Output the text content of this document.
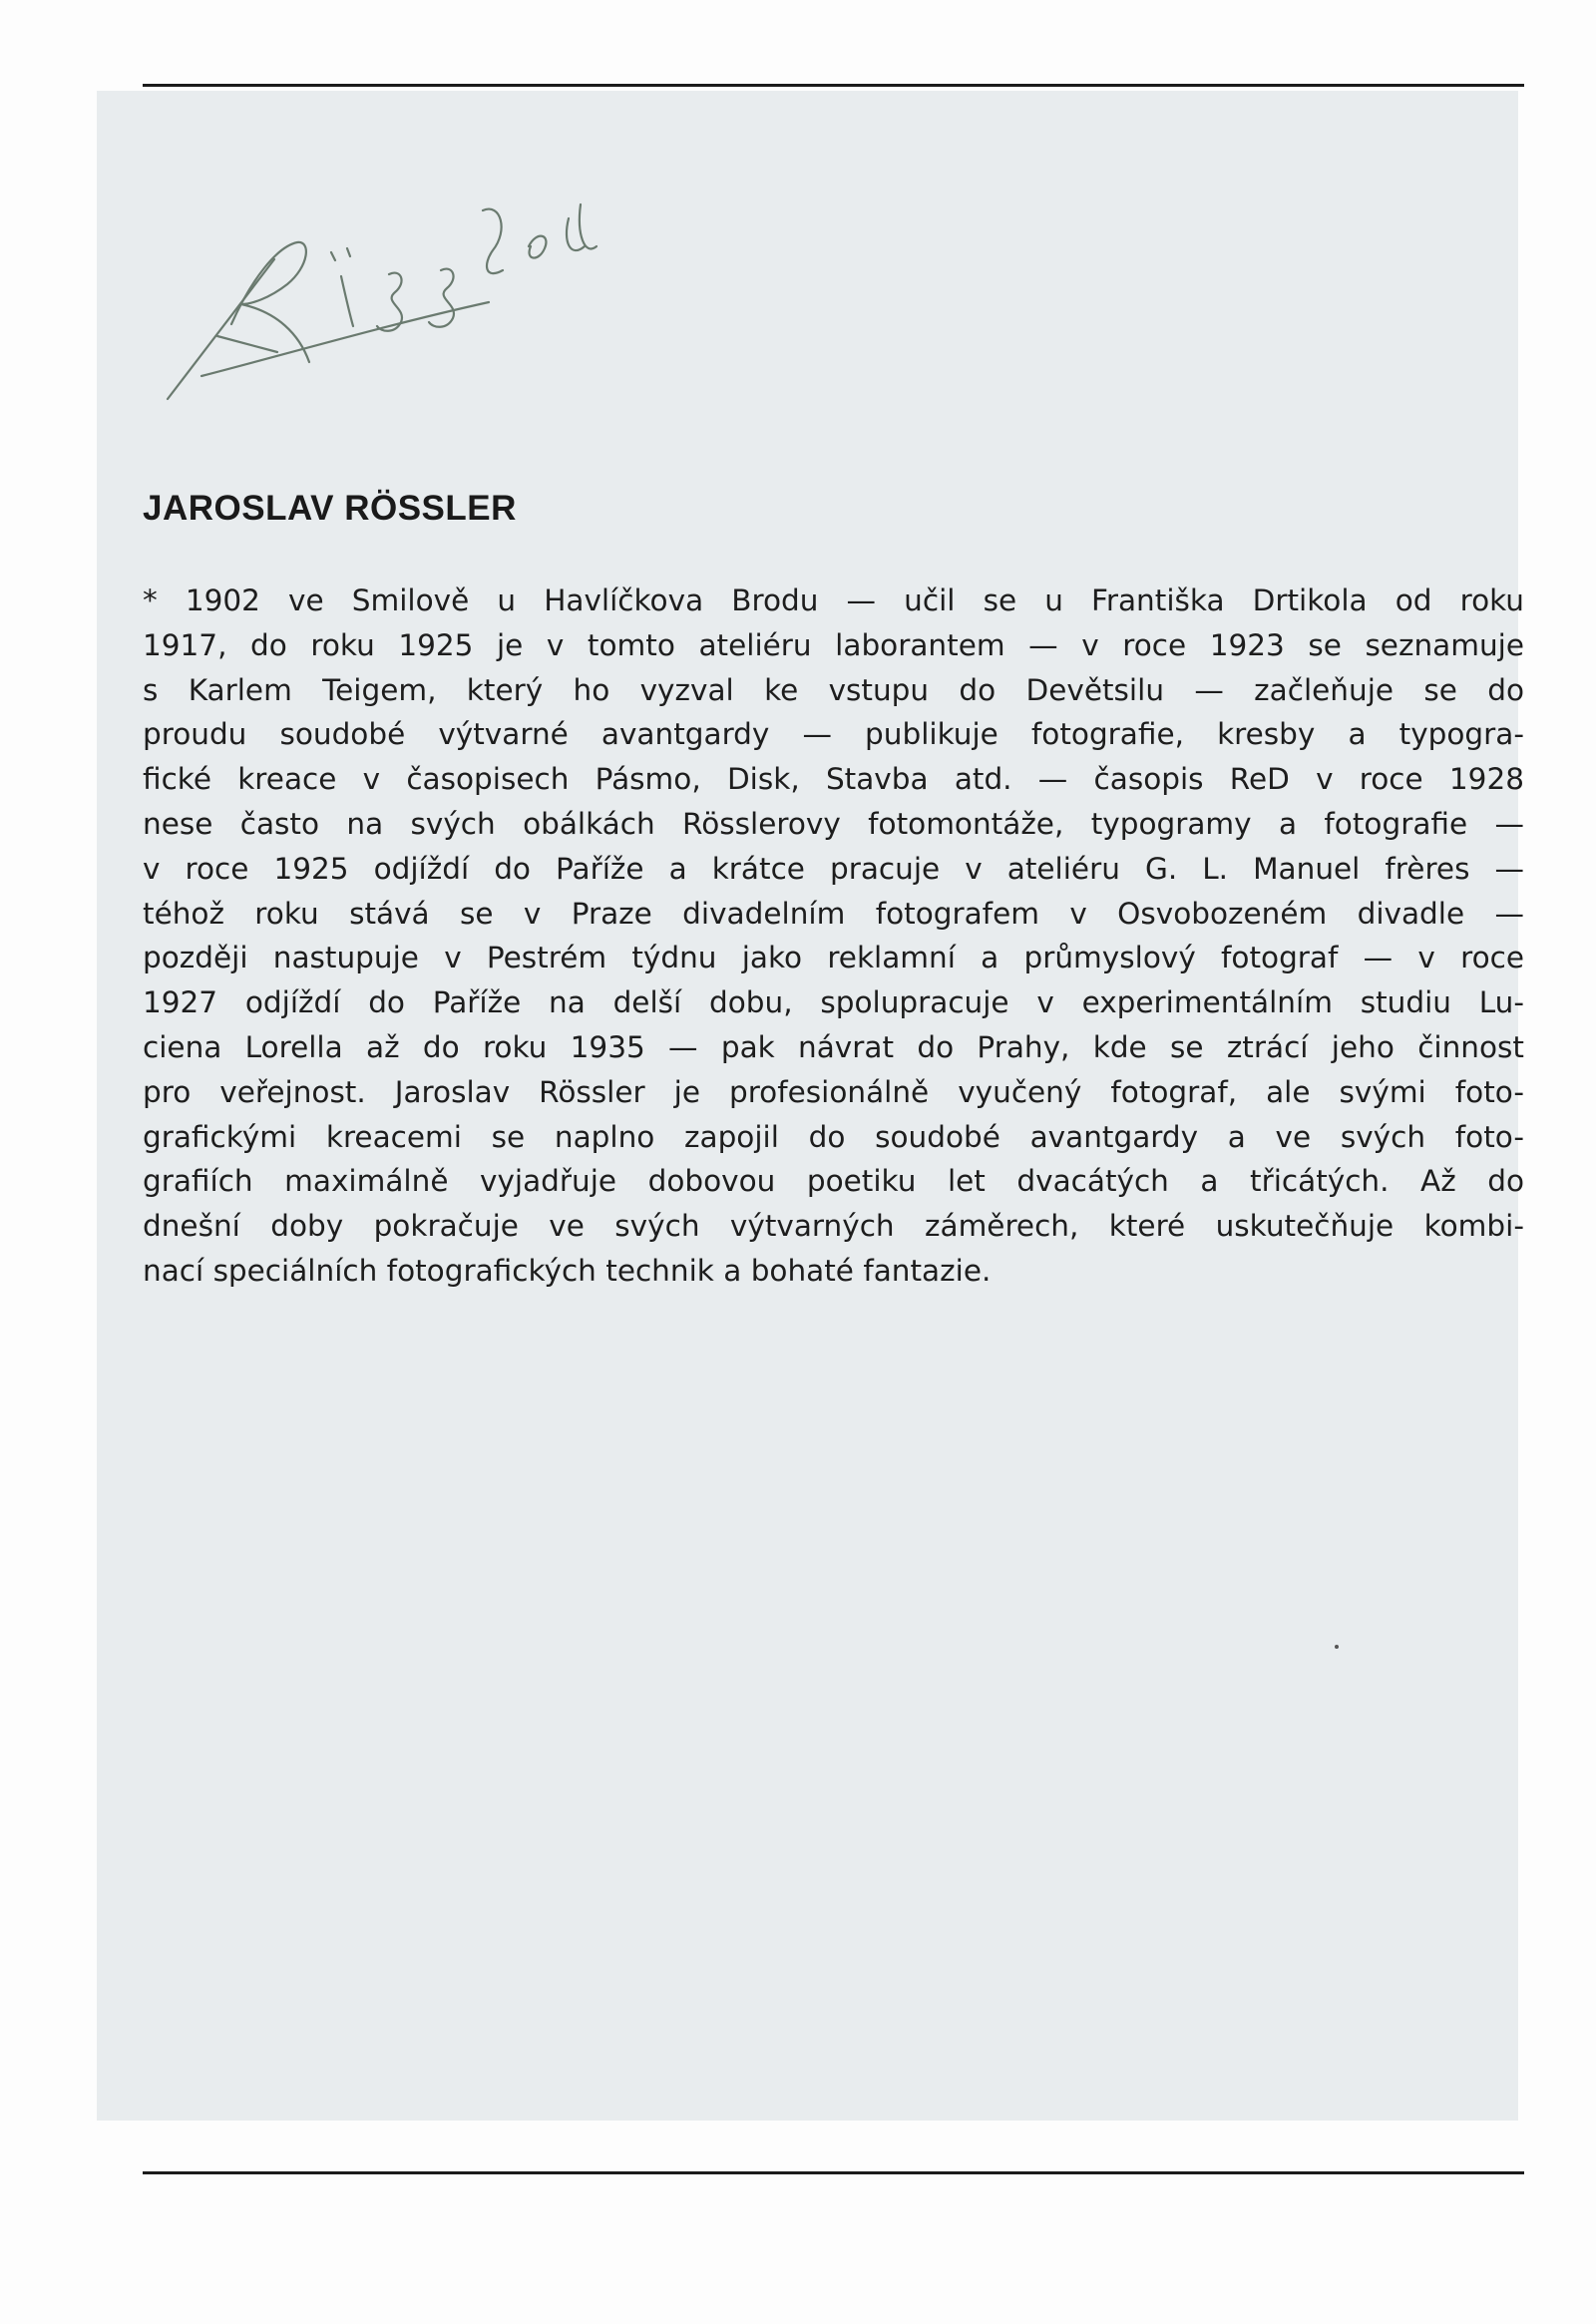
JAROSLAV RÖSSLER
* 1902 ve Smilově u Havlíčkova Brodu — učil se u Františka Drtikola od roku
1917, do roku 1925 je v tomto ateliéru laborantem — v roce 1923 se seznamuje
s Karlem Teigem, který ho vyzval ke vstupu do Devětsilu — začleňuje se do
proudu soudobé výtvarné avantgardy — publikuje fotografie, kresby a typogra-
fické kreace v časopisech Pásmo, Disk, Stavba atd. — časopis ReD v roce 1928
nese často na svých obálkách Rösslerovy fotomontáže, typogramy a fotografie —
v roce 1925 odjíždí do Paříže a krátce pracuje v ateliéru G. L. Manuel frères —
téhož roku stává se v Praze divadelním fotografem v Osvobozeném divadle —
později nastupuje v Pestrém týdnu jako reklamní a průmyslový fotograf — v roce
1927 odjíždí do Paříže na delší dobu, spolupracuje v experimentálním studiu Lu-
ciena Lorella až do roku 1935 — pak návrat do Prahy, kde se ztrácí jeho činnost
pro veřejnost. Jaroslav Rössler je profesionálně vyučený fotograf, ale svými foto-
grafickými kreacemi se naplno zapojil do soudobé avantgardy a ve svých foto-
grafiích maximálně vyjadřuje dobovou poetiku let dvacátých a třicátých. Až do
dnešní doby pokračuje ve svých výtvarných záměrech, které uskutečňuje kombi-
nací speciálních fotografických technik a bohaté fantazie.
